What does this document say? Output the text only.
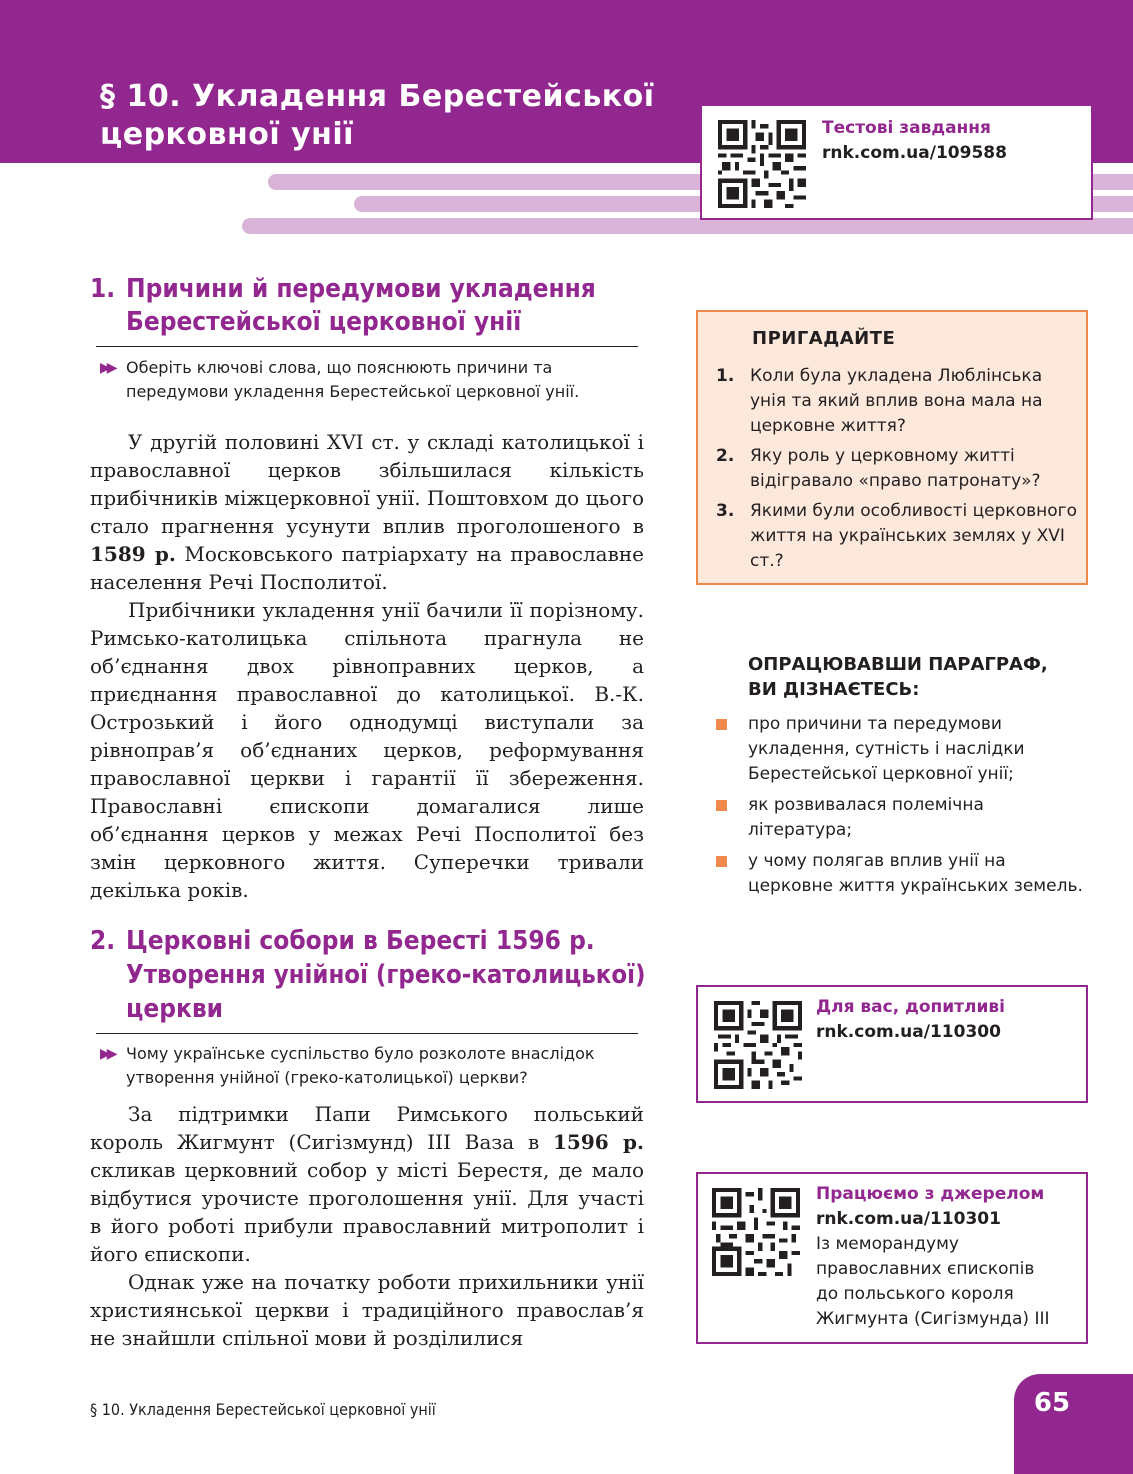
§ 10. Укладення Берестейської
церковної унії	Тестові завдання
rnk.com.ua/109588
1. Причини й передумови укладення
Берестейської церковної унії
▶▶ Оберіть ключові слова, що пояснюють причини та
передумови укладення Берестейської церковної унії.

У другій половині XVI ст. у складі католицької і православної церков збільшилася кількість прибічників міжцерковної унії. Поштовхом до цього стало прагнення усунути вплив проголошеного в 1589 р. Московського патріархату на православне населення Речі Посполитої.

Прибічники укладення унії бачили її порізному. Римсько-католицька спільнота прагнула не об’єднання двох рівноправних церков, а приєднання православної до католицької. В.-К. Острозький і його однодумці виступали за рівноправ’я об’єднаних церков, реформування православної церкви і гарантії її збереження. Православні єпископи домагалися лише об’єднання церков у межах Речі Посполитої без змін церковного життя. Суперечки тривали декілька років.

2. Церковні собори в Бересті 1596 р.
Утворення унійної (греко-католицької)
церкви
▶▶ Чому українське суспільство було розколоте внаслідок
утворення унійної (греко-католицької) церкви?

За підтримки Папи Римського польський король Жигмунт (Сигізмунд) III Ваза в 1596 р. скликав церковний собор у місті Берестя, де мало відбутися урочисте проголошення унії. Для участі в його роботі прибули православний митрополит і його єпископи.

Однак уже на початку роботи прихильники унії християнської церкви і традиційного православ’я не знайшли спільної мови й розділилися

ПРИГАДАЙТЕ
1. Коли була укладена Люблінська унія та який вплив вона мала на церковне життя?
2. Яку роль у церковному житті відігравало «право патронату»?
3. Якими були особливості церковного життя на українських землях у XVI ст.?
ОПРАЦЮВАВШИ ПАРАГРАФ, ВИ ДІЗНАЄТЕСЬ:
про причини та передумови укладення, сутність і наслідки Берестейської церковної унії;
як розвивалася полемічна література;
у чому полягав вплив унії на церковне життя українських земель.
Для вас, допитливі
rnk.com.ua/110300
Працюємо з джерелом
rnk.com.ua/110301
Із меморандуму
православних єпископів
до польського короля
Жигмунта (Сигізмунда) III
§ 10. Укладення Берестейської церковної унії	65
